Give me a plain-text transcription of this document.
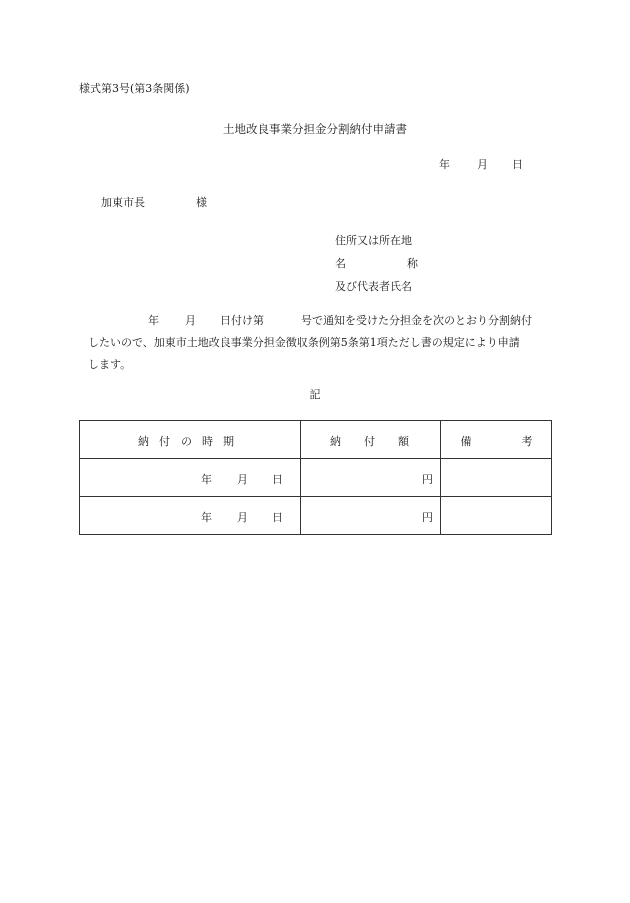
様式第3号(第3条関係)
土地改良事業分担金分割納付申請書
年 月 日
加東市長	様
住所又は所在地
名	称
及び代表者氏名
年 月 日付け第	号で通知を受けた分担金を次のとおり分割納付
したいので、加東市土地改良事業分担金徴収条例第5条第1項ただし書の規定により申請
します。
記
納 付 の 時 期	納 付 額	備 考

年 月 日	円	

年 月 日	円	
